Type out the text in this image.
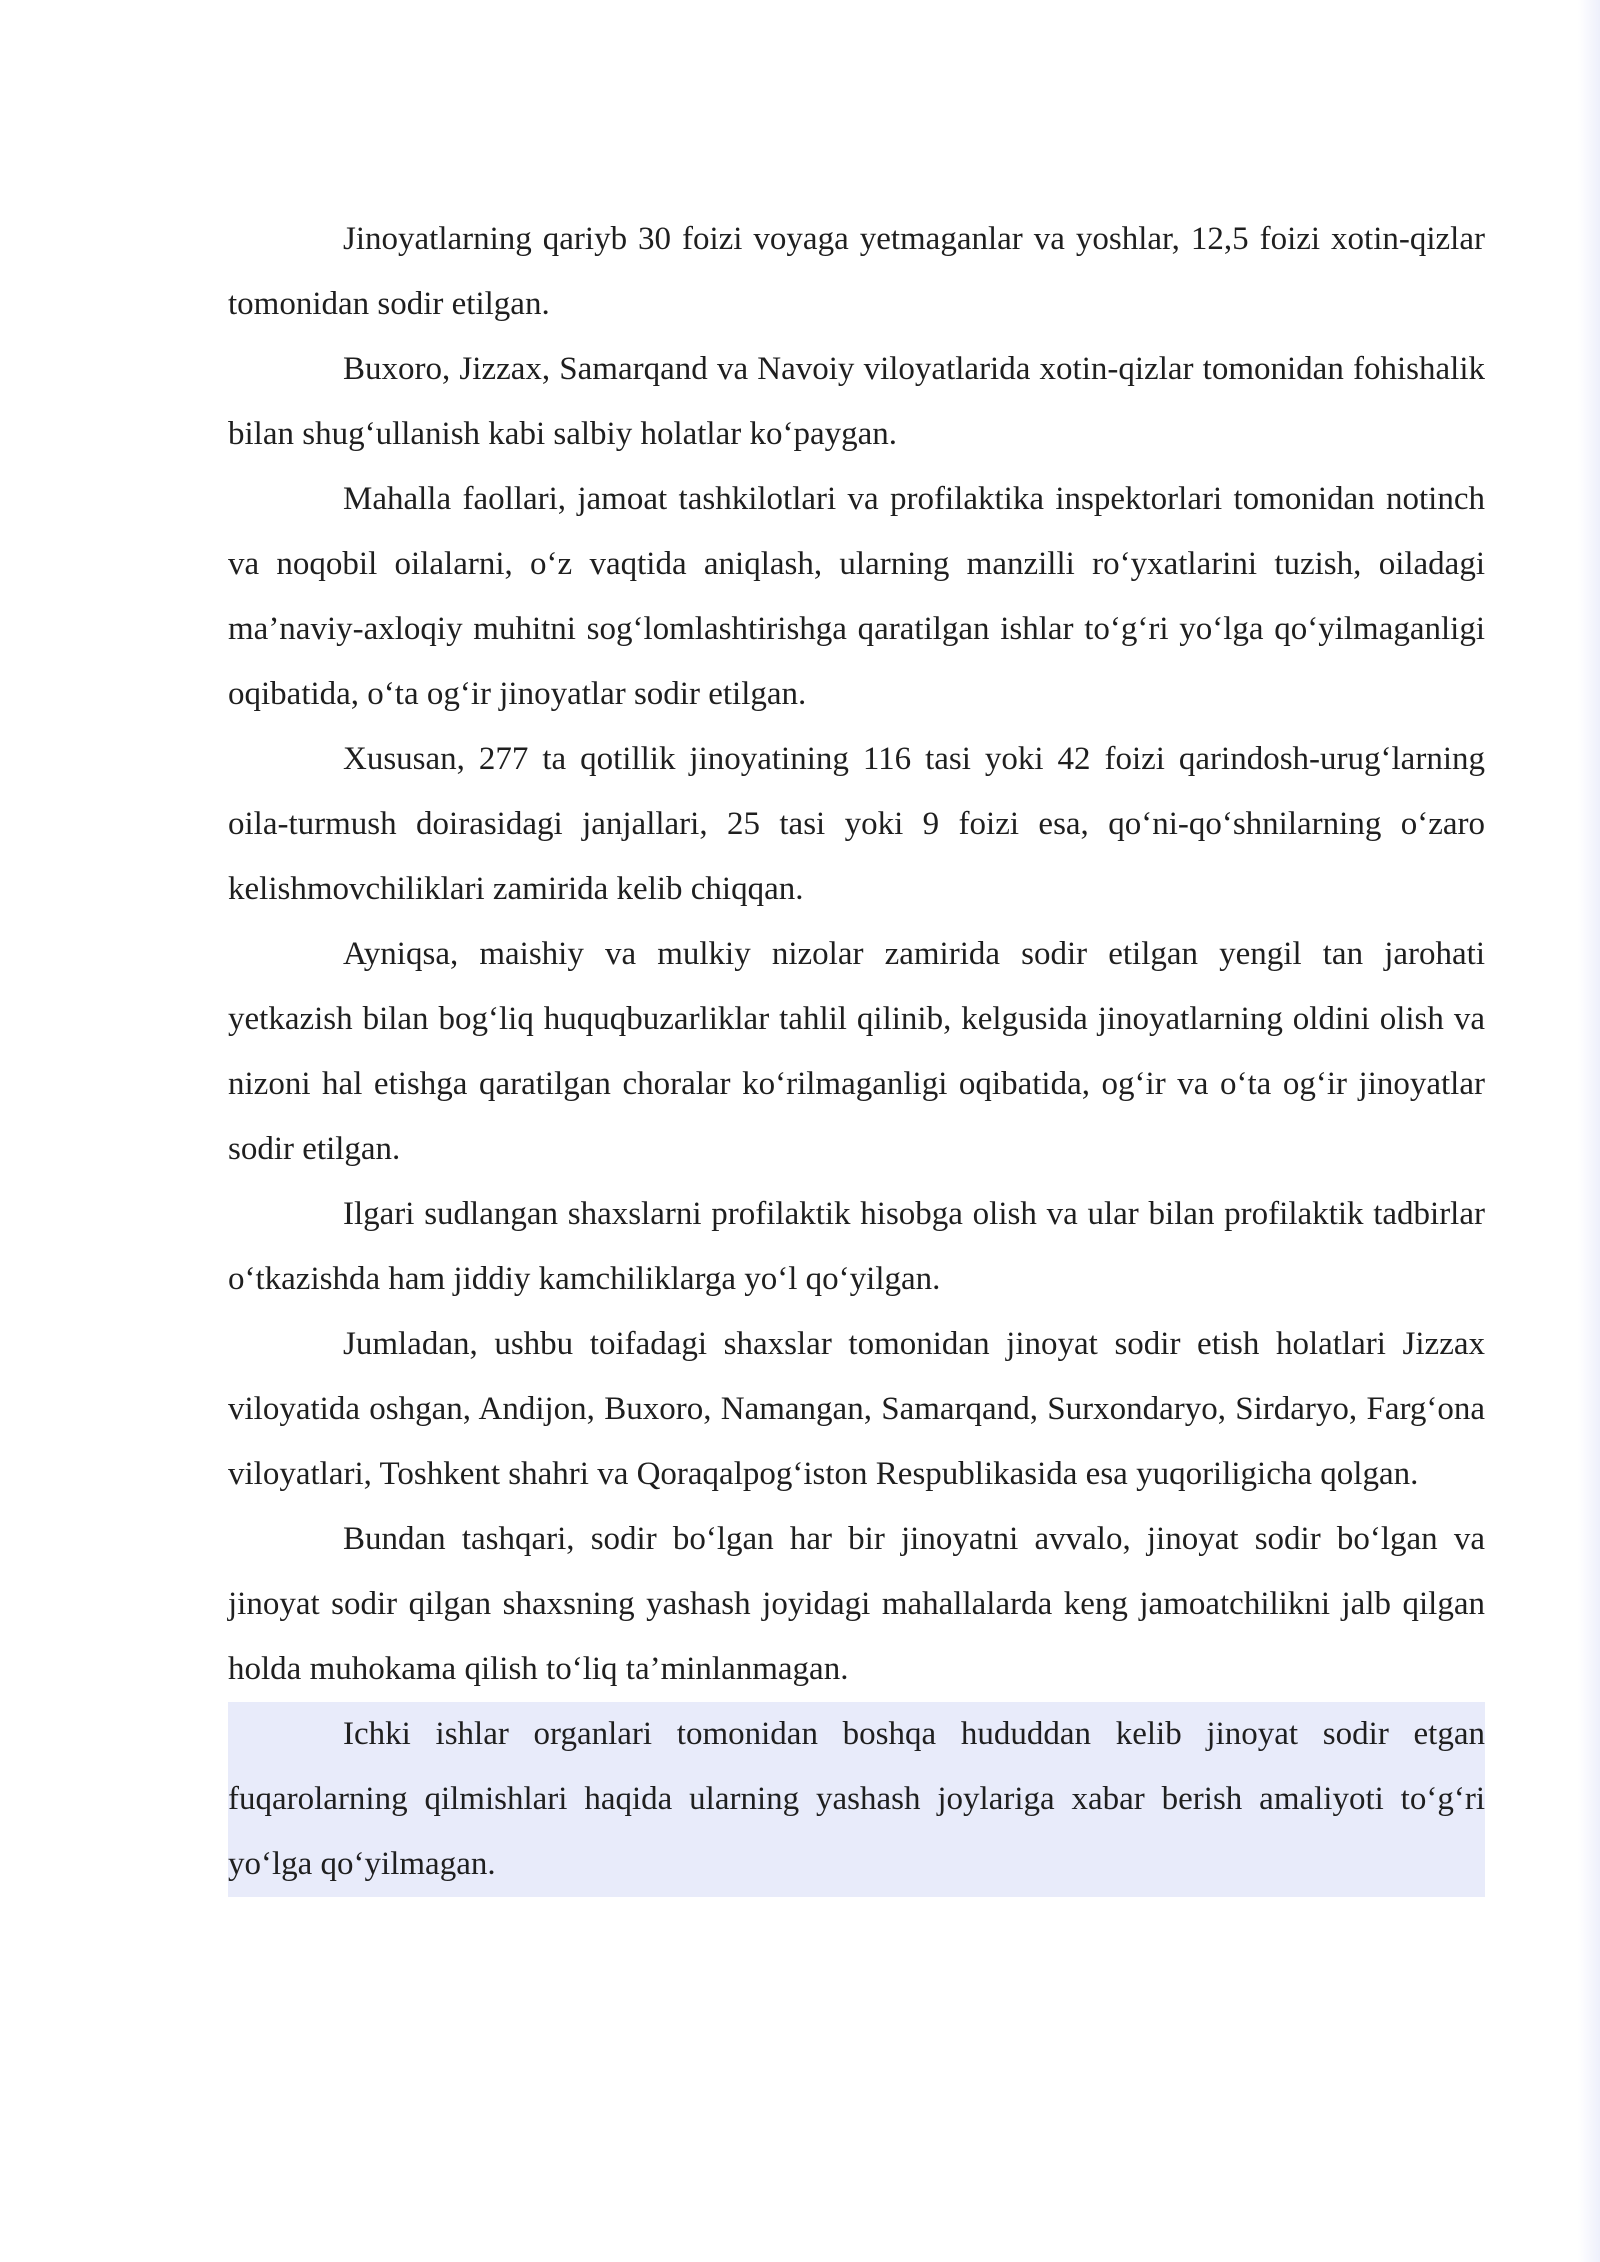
Jinoyatlarning qariyb 30 foizi voyaga yetmaganlar va yoshlar, 12,5 foizi xotin-qizlar tomonidan sodir etilgan.

Buxoro, Jizzax, Samarqand va Navoiy viloyatlarida xotin-qizlar tomonidan fohishalik bilan shug‘ullanish kabi salbiy holatlar ko‘paygan.

Mahalla faollari, jamoat tashkilotlari va profilaktika inspektorlari tomonidan notinch va noqobil oilalarni, o‘z vaqtida aniqlash, ularning manzilli ro‘yxatlarini tuzish, oiladagi ma’naviy-axloqiy muhitni sog‘lomlashtirishga qaratilgan ishlar to‘g‘ri yo‘lga qo‘yilmaganligi oqibatida, o‘ta og‘ir jinoyatlar sodir etilgan.

Xususan, 277 ta qotillik jinoyatining 116 tasi yoki 42 foizi qarindosh-urug‘larning oila-turmush doirasidagi janjallari, 25 tasi yoki 9 foizi esa, qo‘ni-qo‘shnilarning o‘zaro kelishmovchiliklari zamirida kelib chiqqan.

Ayniqsa, maishiy va mulkiy nizolar zamirida sodir etilgan yengil tan jarohati yetkazish bilan bog‘liq huquqbuzarliklar tahlil qilinib, kelgusida jinoyatlarning oldini olish va nizoni hal etishga qaratilgan choralar ko‘rilmaganligi oqibatida, og‘ir va o‘ta og‘ir jinoyatlar sodir etilgan.

Ilgari sudlangan shaxslarni profilaktik hisobga olish va ular bilan profilaktik tadbirlar o‘tkazishda ham jiddiy kamchiliklarga yo‘l qo‘yilgan.

Jumladan, ushbu toifadagi shaxslar tomonidan jinoyat sodir etish holatlari Jizzax viloyatida oshgan, Andijon, Buxoro, Namangan, Samarqand, Surxondaryo, Sirdaryo, Farg‘ona viloyatlari, Toshkent shahri va Qoraqalpog‘iston Respublikasida esa yuqoriligicha qolgan.

Bundan tashqari, sodir bo‘lgan har bir jinoyatni avvalo, jinoyat sodir bo‘lgan va jinoyat sodir qilgan shaxsning yashash joyidagi mahallalarda keng jamoatchilikni jalb qilgan holda muhokama qilish to‘liq ta’minlanmagan.

Ichki ishlar organlari tomonidan boshqa hududdan kelib jinoyat sodir etgan fuqarolarning qilmishlari haqida ularning yashash joylariga xabar berish amaliyoti to‘g‘ri yo‘lga qo‘yilmagan.
